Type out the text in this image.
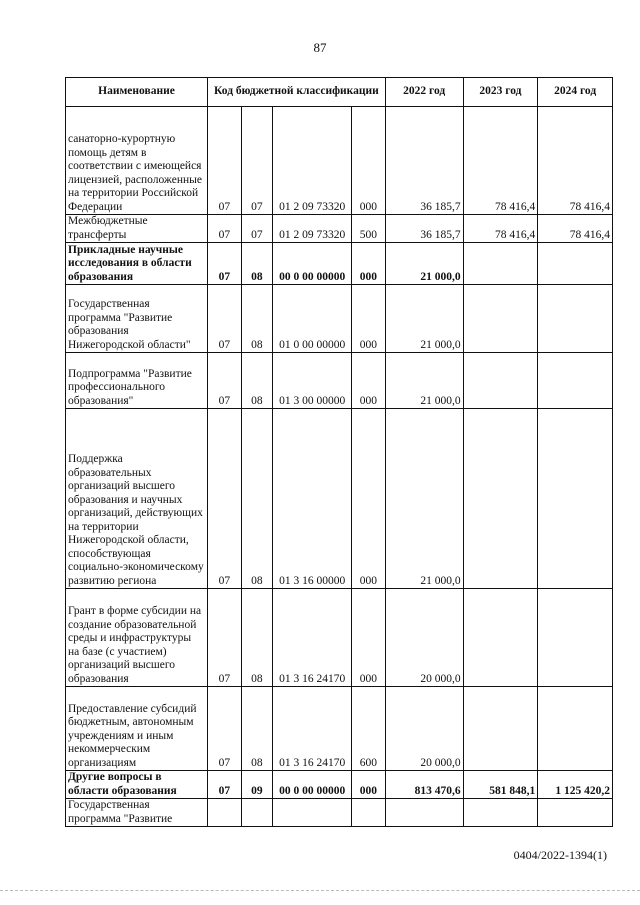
87
Наименование	Код бюджетной классификации				2022 год	2023 год	2024 год
санаторно-курортную помощь детям в соответствии с имеющейся лицензией, расположенные на территории Российской Федерации	07	07	01 2 09 73320	000	36 185,7	78 416,4	78 416,4
Межбюджетные трансферты	07	07	01 2 09 73320	500	36 185,7	78 416,4	78 416,4
Прикладные научные исследования в области образования	07	08	00 0 00 00000	000	21 000,0		
Государственная программа "Развитие образования Нижегородской области"	07	08	01 0 00 00000	000	21 000,0		
Подпрограмма "Развитие профессионального образования"	07	08	01 3 00 00000	000	21 000,0		
Поддержка образовательных организаций высшего образования и научных организаций, действующих на территории Нижегородской области, способствующая социально-экономическому развитию региона	07	08	01 3 16 00000	000	21 000,0		
Грант в форме субсидии на создание образовательной среды и инфраструктуры на базе (с участием) организаций высшего образования	07	08	01 3 16 24170	000	20 000,0		
Предоставление субсидий бюджетным, автономным учреждениям и иным некоммерческим организациям	07	08	01 3 16 24170	600	20 000,0		
Другие вопросы в области образования	07	09	00 0 00 00000	000	813 470,6	581 848,1	1 125 420,2
Государственная программа "Развитие							
0404/2022-1394(1)
